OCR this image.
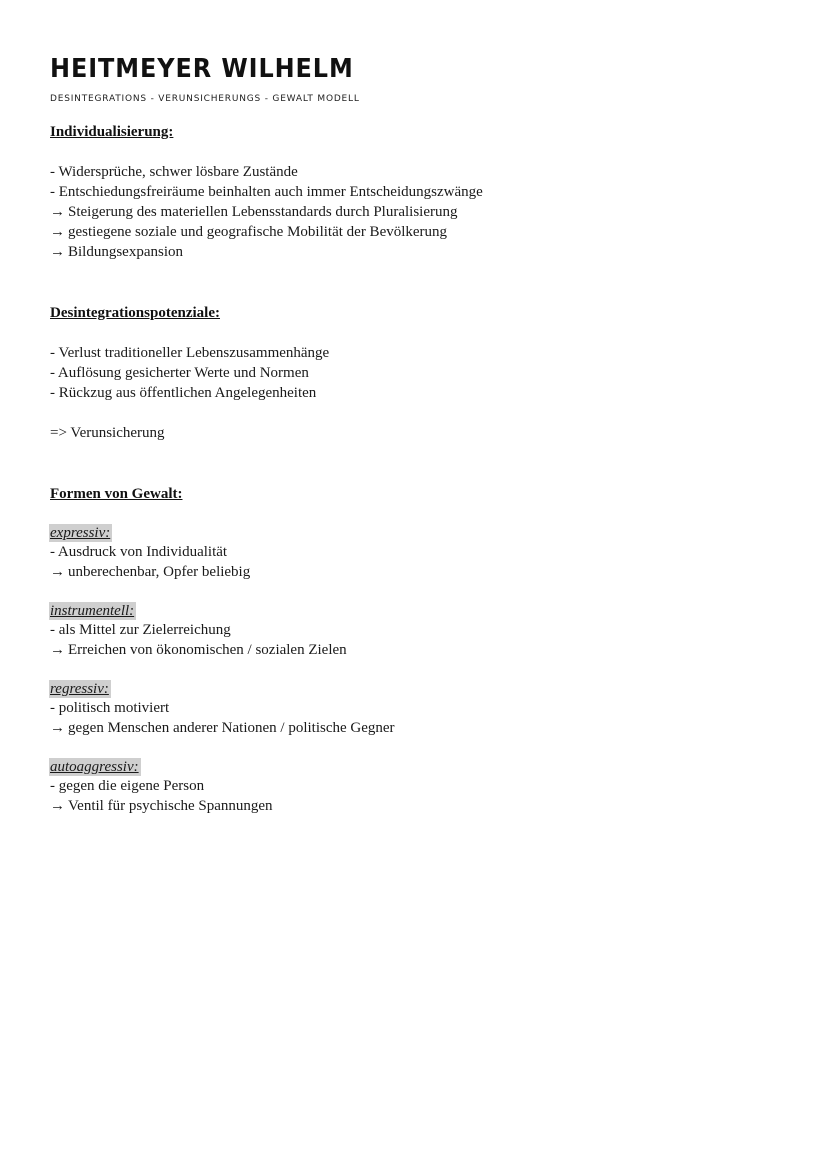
HEITMEYER WILHELM
DESINTEGRATIONS - VERUNSICHERUNGS - GEWALT MODELL
Individualisierung:
- Widersprüche, schwer lösbare Zustände
- Entschiedungsfreiräume beinhalten auch immer Entscheidungszwänge
→ Steigerung des materiellen Lebensstandards durch Pluralisierung
→ gestiegene soziale und geografische Mobilität der Bevölkerung
→ Bildungsexpansion
Desintegrationspotenziale:
- Verlust traditioneller Lebenszusammenhänge
- Auflösung gesicherter Werte und Normen
- Rückzug aus öffentlichen Angelegenheiten
=> Verunsicherung
Formen von Gewalt:
expressiv:
- Ausdruck von Individualität
→ unberechenbar, Opfer beliebig
instrumentell:
- als Mittel zur Zielerreichung
→ Erreichen von ökonomischen / sozialen Zielen
regressiv:
- politisch motiviert
→ gegen Menschen anderer Nationen / politische Gegner
autoaggressiv:
- gegen die eigene Person
→ Ventil für psychische Spannungen
